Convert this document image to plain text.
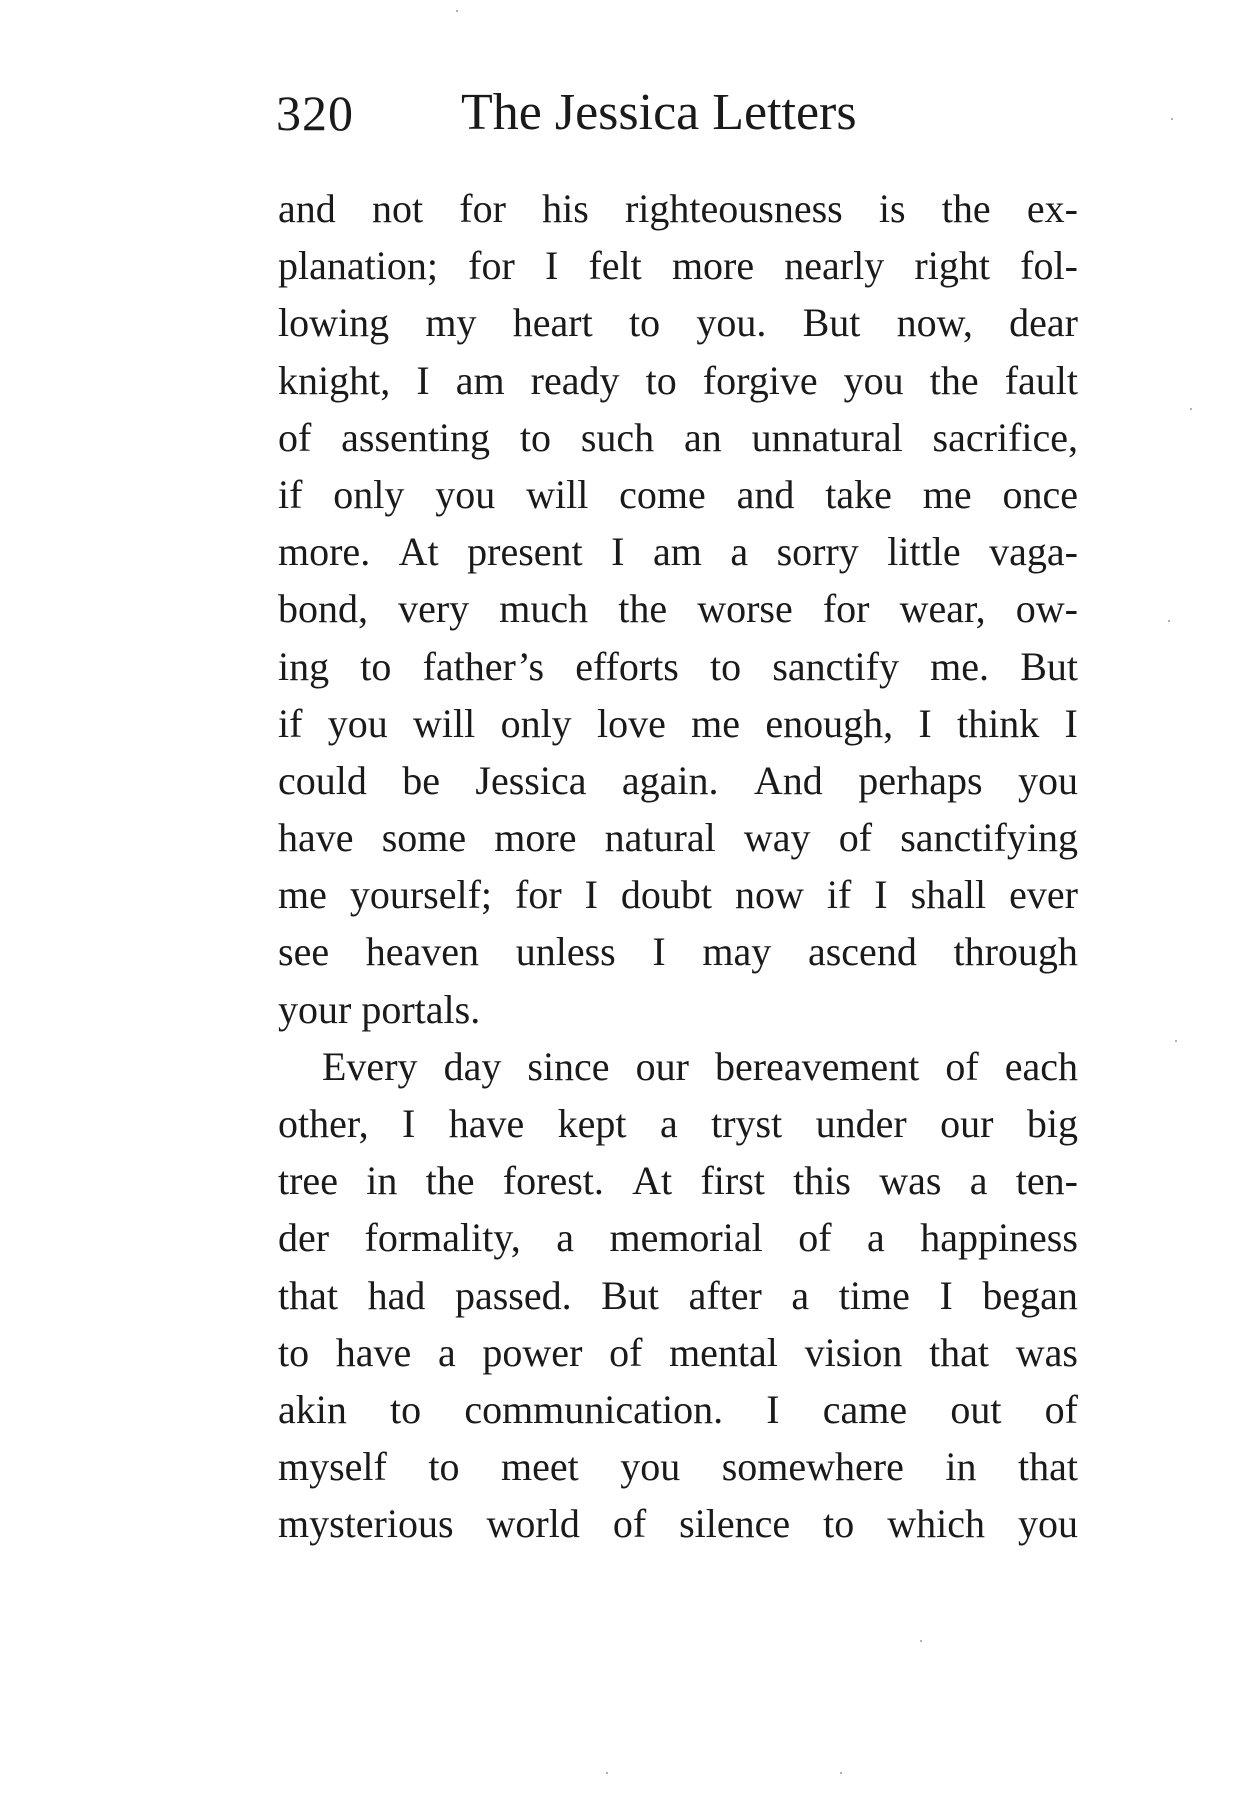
320 The Jessica Letters
and not for his righteousness is the ex-
planation; for I felt more nearly right fol-
lowing my heart to you. But now, dear
knight, I am ready to forgive you the fault
of assenting to such an unnatural sacrifice,
if only you will come and take me once
more. At present I am a sorry little vaga-
bond, very much the worse for wear, ow-
ing to father’s efforts to sanctify me. But
if you will only love me enough, I think I
could be Jessica again. And perhaps you
have some more natural way of sanctifying
me yourself; for I doubt now if I shall ever
see heaven unless I may ascend through
your portals.
Every day since our bereavement of each
other, I have kept a tryst under our big
tree in the forest. At first this was a ten-
der formality, a memorial of a happiness
that had passed. But after a time I began
to have a power of mental vision that was
akin to communication. I came out of
myself to meet you somewhere in that
mysterious world of silence to which you
